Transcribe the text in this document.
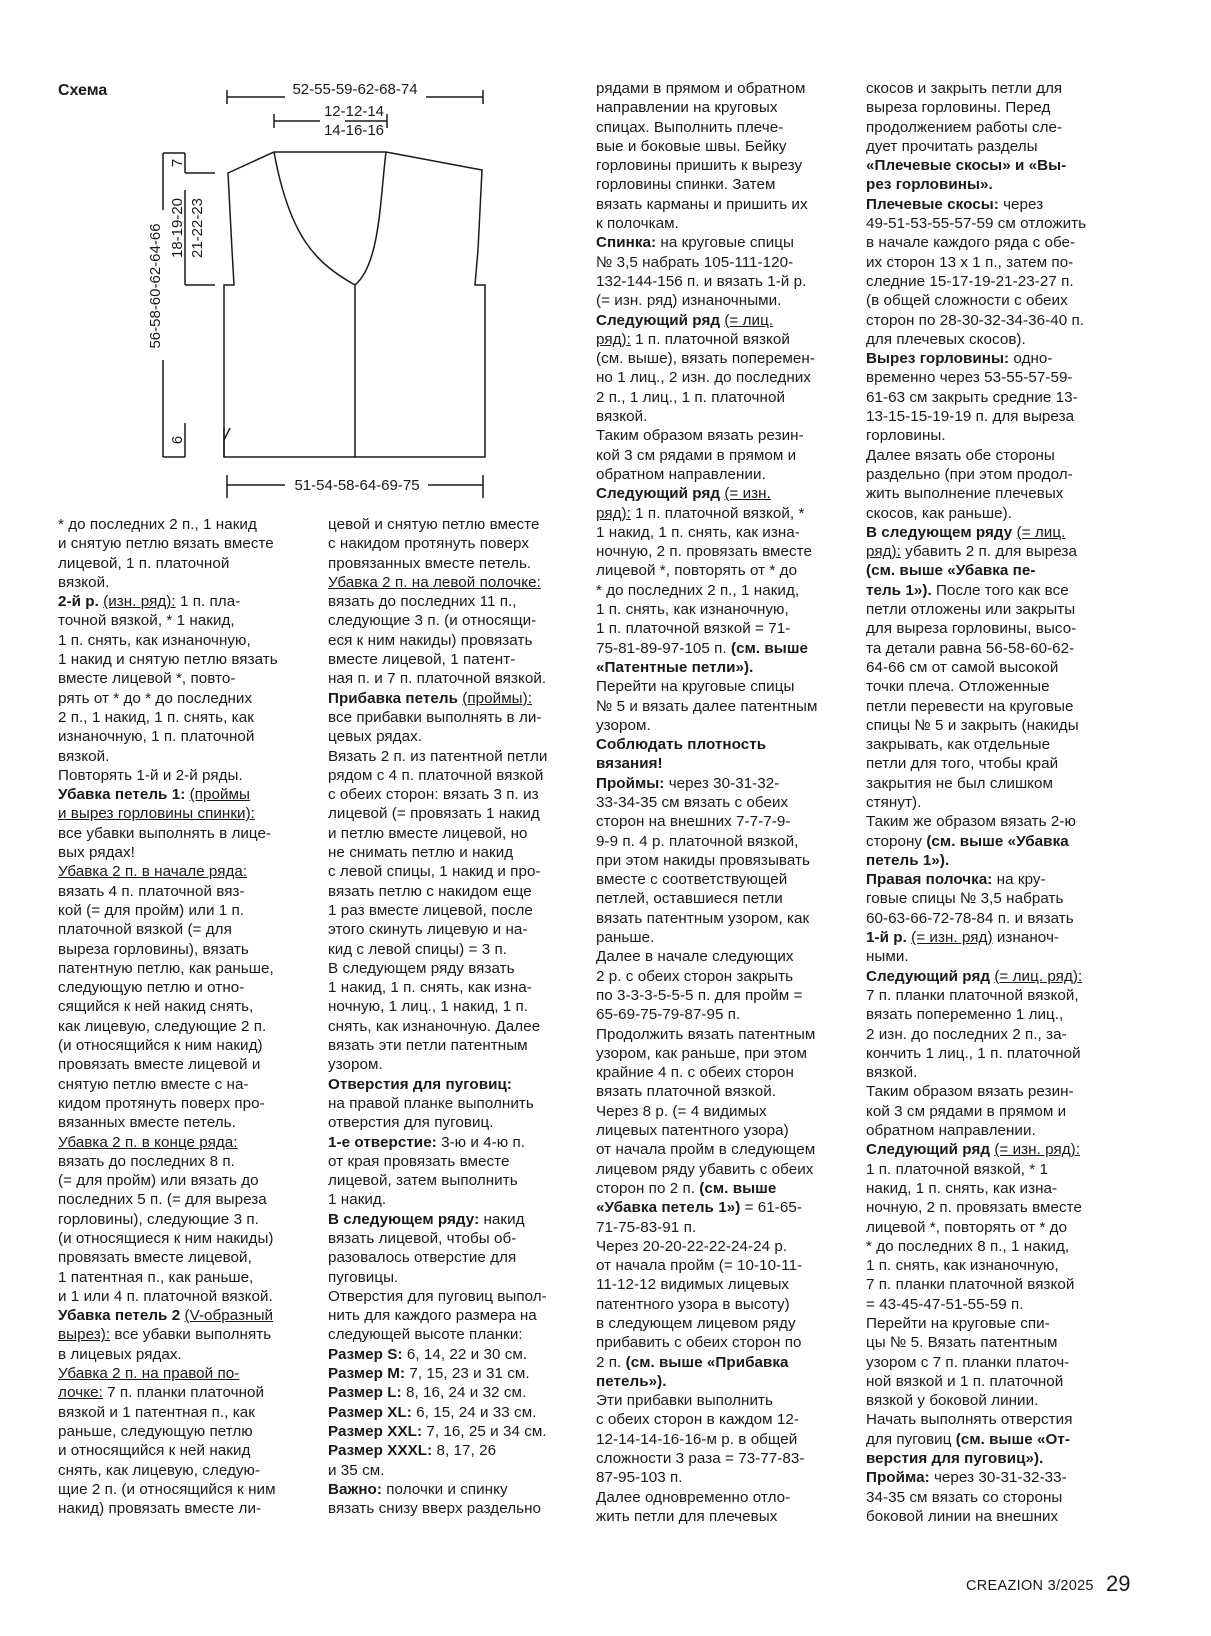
Схема	52-55-59-62-68-74
12-12-14
14-16-16
56-58-60-62-64-66 18-19-20 21-22-23
7
6
51-54-58-64-69-75

* до последних 2 п., 1 накид

и снятую петлю вязать вместе

лицевой, 1 п. платочной

вязкой.

2-й р. (изн. ряд): 1 п. пла-

точной вязкой, * 1 накид,

1 п. снять, как изнаночную,

1 накид и снятую петлю вязать

вместе лицевой *, повто-

рять от * до * до последних

2 п., 1 накид, 1 п. снять, как

изнаночную, 1 п. платочной

вязкой.

Повторять 1-й и 2-й ряды.

Убавка петель 1: (проймы

и вырез горловины спинки):

все убавки выполнять в лице-

вых рядах!

Убавка 2 п. в начале ряда:

вязать 4 п. платочной вяз-

кой (= для пройм) или 1 п.

платочной вязкой (= для

выреза горловины), вязать

патентную петлю, как раньше,

следующую петлю и отно-

сящийся к ней накид снять,

как лицевую, следующие 2 п.

(и относящийся к ним накид)

провязать вместе лицевой и

снятую петлю вместе с на-

кидом протянуть поверх про-

вязанных вместе петель.

Убавка 2 п. в конце ряда:

вязать до последних 8 п.

(= для пройм) или вязать до

последних 5 п. (= для выреза

горловины), следующие 3 п.

(и относящиеся к ним накиды)

провязать вместе лицевой,

1 патентная п., как раньше,

и 1 или 4 п. платочной вязкой.

Убавка петель 2 (V-образный

вырез): все убавки выполнять

в лицевых рядах.

Убавка 2 п. на правой по-

лочке: 7 п. планки платочной

вязкой и 1 патентная п., как

раньше, следующую петлю

и относящийся к ней накид

снять, как лицевую, следую-

щие 2 п. (и относящийся к ним

накид) провязать вместе ли-

цевой и снятую петлю вместе

с накидом протянуть поверх

провязанных вместе петель.

Убавка 2 п. на левой полочке:

вязать до последних 11 п.,

следующие 3 п. (и относящи-

еся к ним накиды) провязать

вместе лицевой, 1 патент-

ная п. и 7 п. платочной вязкой.

Прибавка петель (проймы):

все прибавки выполнять в ли-

цевых рядах.

Вязать 2 п. из патентной петли

рядом с 4 п. платочной вязкой

с обеих сторон: вязать 3 п. из

лицевой (= провязать 1 накид

и петлю вместе лицевой, но

не снимать петлю и накид

с левой спицы, 1 накид и про-

вязать петлю с накидом еще

1 раз вместе лицевой, после

этого скинуть лицевую и на-

кид с левой спицы) = 3 п.

В следующем ряду вязать

1 накид, 1 п. снять, как изна-

ночную, 1 лиц., 1 накид, 1 п.

снять, как изнаночную. Далее

вязать эти петли патентным

узором.

Отверстия для пуговиц:

на правой планке выполнить

отверстия для пуговиц.

1-е отверстие: 3-ю и 4-ю п.

от края провязать вместе

лицевой, затем выполнить

1 накид.

В следующем ряду: накид

вязать лицевой, чтобы об-

разовалось отверстие для

пуговицы.

Отверстия для пуговиц выпол-

нить для каждого размера на

следующей высоте планки:

Размер S: 6, 14, 22 и 30 см.

Размер M: 7, 15, 23 и 31 см.

Размер L: 8, 16, 24 и 32 см.

Размер XL: 6, 15, 24 и 33 см.

Размер XXL: 7, 16, 25 и 34 см.

Размер XXXL: 8, 17, 26

и 35 см.

Важно: полочки и спинку

вязать снизу вверх раздельно

рядами в прямом и обратном

направлении на круговых

спицах. Выполнить плече-

вые и боковые швы. Бейку

горловины пришить к вырезу

горловины спинки. Затем

вязать карманы и пришить их

к полочкам.

Спинка: на круговые спицы

№ 3,5 набрать 105-111-120-

132-144-156 п. и вязать 1-й р.

(= изн. ряд) изнаночными.

Следующий ряд (= лиц.

ряд): 1 п. платочной вязкой

(см. выше), вязать поперемен-

но 1 лиц., 2 изн. до последних

2 п., 1 лиц., 1 п. платочной

вязкой.

Таким образом вязать резин-

кой 3 см рядами в прямом и

обратном направлении.

Следующий ряд (= изн.

ряд): 1 п. платочной вязкой, *

1 накид, 1 п. снять, как изна-

ночную, 2 п. провязать вместе

лицевой *, повторять от * до

* до последних 2 п., 1 накид,

1 п. снять, как изнаночную,

1 п. платочной вязкой = 71-

75-81-89-97-105 п. (см. выше

«Патентные петли»).

Перейти на круговые спицы

№ 5 и вязать далее патентным

узором.

Соблюдать плотность

вязания!

Проймы: через 30-31-32-

33-34-35 см вязать с обеих

сторон на внешних 7-7-7-9-

9-9 п. 4 р. платочной вязкой,

при этом накиды провязывать

вместе с соответствующей

петлей, оставшиеся петли

вязать патентным узором, как

раньше.

Далее в начале следующих

2 р. с обеих сторон закрыть

по 3-3-3-5-5-5 п. для пройм =

65-69-75-79-87-95 п.

Продолжить вязать патентным

узором, как раньше, при этом

крайние 4 п. с обеих сторон

вязать платочной вязкой.

Через 8 р. (= 4 видимых

лицевых патентного узора)

от начала пройм в следующем

лицевом ряду убавить с обеих

сторон по 2 п. (см. выше

«Убавка петель 1») = 61-65-

71-75-83-91 п.

Через 20-20-22-22-24-24 р.

от начала пройм (= 10-10-11-

11-12-12 видимых лицевых

патентного узора в высоту)

в следующем лицевом ряду

прибавить с обеих сторон по

2 п. (см. выше «Прибавка

петель»).

Эти прибавки выполнить

с обеих сторон в каждом 12-

12-14-14-16-16-м р. в общей

сложности 3 раза = 73-77-83-

87-95-103 п.

Далее одновременно отло-

жить петли для плечевых

скосов и закрыть петли для

выреза горловины. Перед

продолжением работы сле-

дует прочитать разделы

«Плечевые скосы» и «Вы-

рез горловины».

Плечевые скосы: через

49-51-53-55-57-59 см отложить

в начале каждого ряда с обе-

их сторон 13 х 1 п., затем по-

следние 15-17-19-21-23-27 п.

(в общей сложности с обеих

сторон по 28-30-32-34-36-40 п.

для плечевых скосов).

Вырез горловины: одно-

временно через 53-55-57-59-

61-63 см закрыть средние 13-

13-15-15-19-19 п. для выреза

горловины.

Далее вязать обе стороны

раздельно (при этом продол-

жить выполнение плечевых

скосов, как раньше).

В следующем ряду (= лиц.

ряд): убавить 2 п. для выреза

(см. выше «Убавка пе-

тель 1»). После того как все

петли отложены или закрыты

для выреза горловины, высо-

та детали равна 56-58-60-62-

64-66 см от самой высокой

точки плеча. Отложенные

петли перевести на круговые

спицы № 5 и закрыть (накиды

закрывать, как отдельные

петли для того, чтобы край

закрытия не был слишком

стянут).

Таким же образом вязать 2-ю

сторону (см. выше «Убавка

петель 1»).

Правая полочка: на кру-

говые спицы № 3,5 набрать

60-63-66-72-78-84 п. и вязать

1-й р. (= изн. ряд) изнаноч-

ными.

Следующий ряд (= лиц. ряд):

7 п. планки платочной вязкой,

вязать попеременно 1 лиц.,

2 изн. до последних 2 п., за-

кончить 1 лиц., 1 п. платочной

вязкой.

Таким образом вязать резин-

кой 3 см рядами в прямом и

обратном направлении.

Следующий ряд (= изн. ряд):

1 п. платочной вязкой, * 1

накид, 1 п. снять, как изна-

ночную, 2 п. провязать вместе

лицевой *, повторять от * до

* до последних 8 п., 1 накид,

1 п. снять, как изнаночную,

7 п. планки платочной вязкой

= 43-45-47-51-55-59 п.

Перейти на круговые спи-

цы № 5. Вязать патентным

узором с 7 п. планки платоч-

ной вязкой и 1 п. платочной

вязкой у боковой линии.

Начать выполнять отверстия

для пуговиц (см. выше «От-

верстия для пуговиц»).

Пройма: через 30-31-32-33-

34-35 см вязать со стороны

боковой линии на внешних

CREAZION 3/2025 29
